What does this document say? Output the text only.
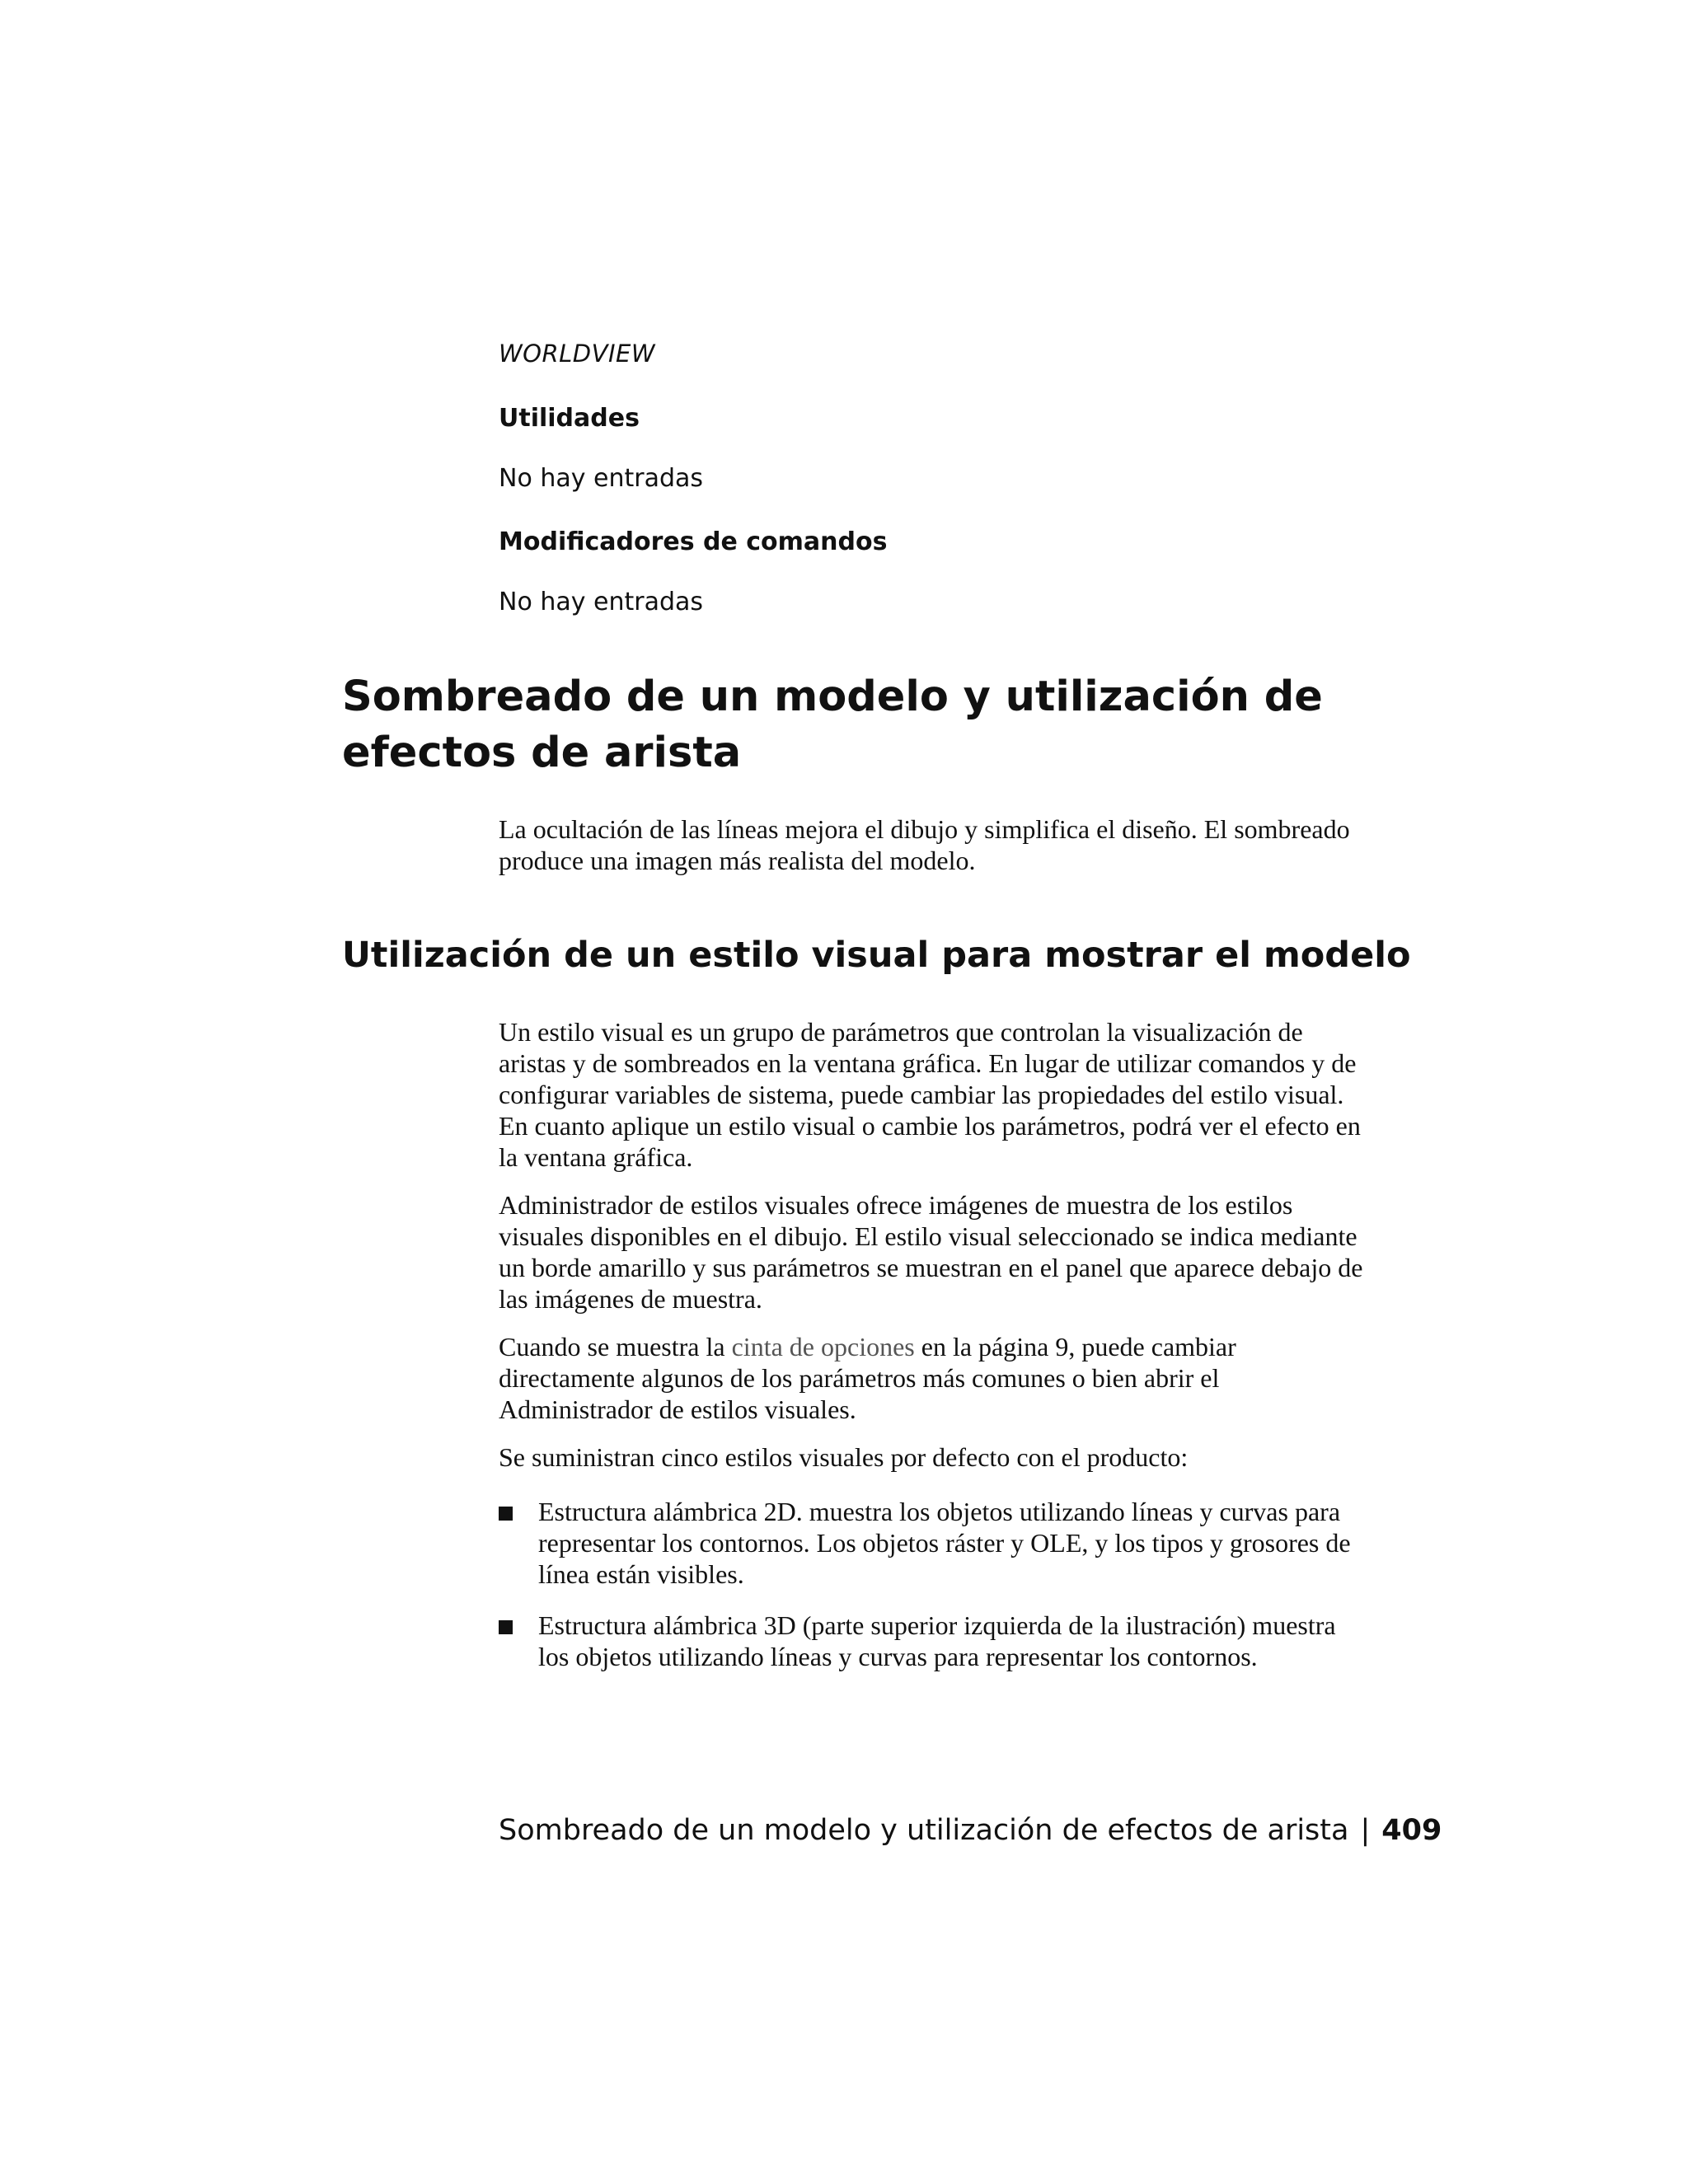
WORLDVIEW
Utilidades
No hay entradas
Modificadores de comandos
No hay entradas
Sombreado de un modelo y utilización de efectos de arista

La ocultación de las líneas mejora el dibujo y simplifica el diseño. El sombreado produce una imagen más realista del modelo.

Utilización de un estilo visual para mostrar el modelo

Un estilo visual es un grupo de parámetros que controlan la visualización de aristas y de sombreados en la ventana gráfica. En lugar de utilizar comandos y de configurar variables de sistema, puede cambiar las propiedades del estilo visual. En cuanto aplique un estilo visual o cambie los parámetros, podrá ver el efecto en la ventana gráfica.

Administrador de estilos visuales ofrece imágenes de muestra de los estilos visuales disponibles en el dibujo. El estilo visual seleccionado se indica mediante un borde amarillo y sus parámetros se muestran en el panel que aparece debajo de las imágenes de muestra.

Cuando se muestra la cinta de opciones en la página 9, puede cambiar directamente algunos de los parámetros más comunes o bien abrir el Administrador de estilos visuales.

Se suministran cinco estilos visuales por defecto con el producto:

Estructura alámbrica 2D. muestra los objetos utilizando líneas y curvas para representar los contornos. Los objetos ráster y OLE, y los tipos y grosores de línea están visibles.
Estructura alámbrica 3D (parte superior izquierda de la ilustración) muestra los objetos utilizando líneas y curvas para representar los contornos.
Sombreado de un modelo y utilización de efectos de arista | 409
